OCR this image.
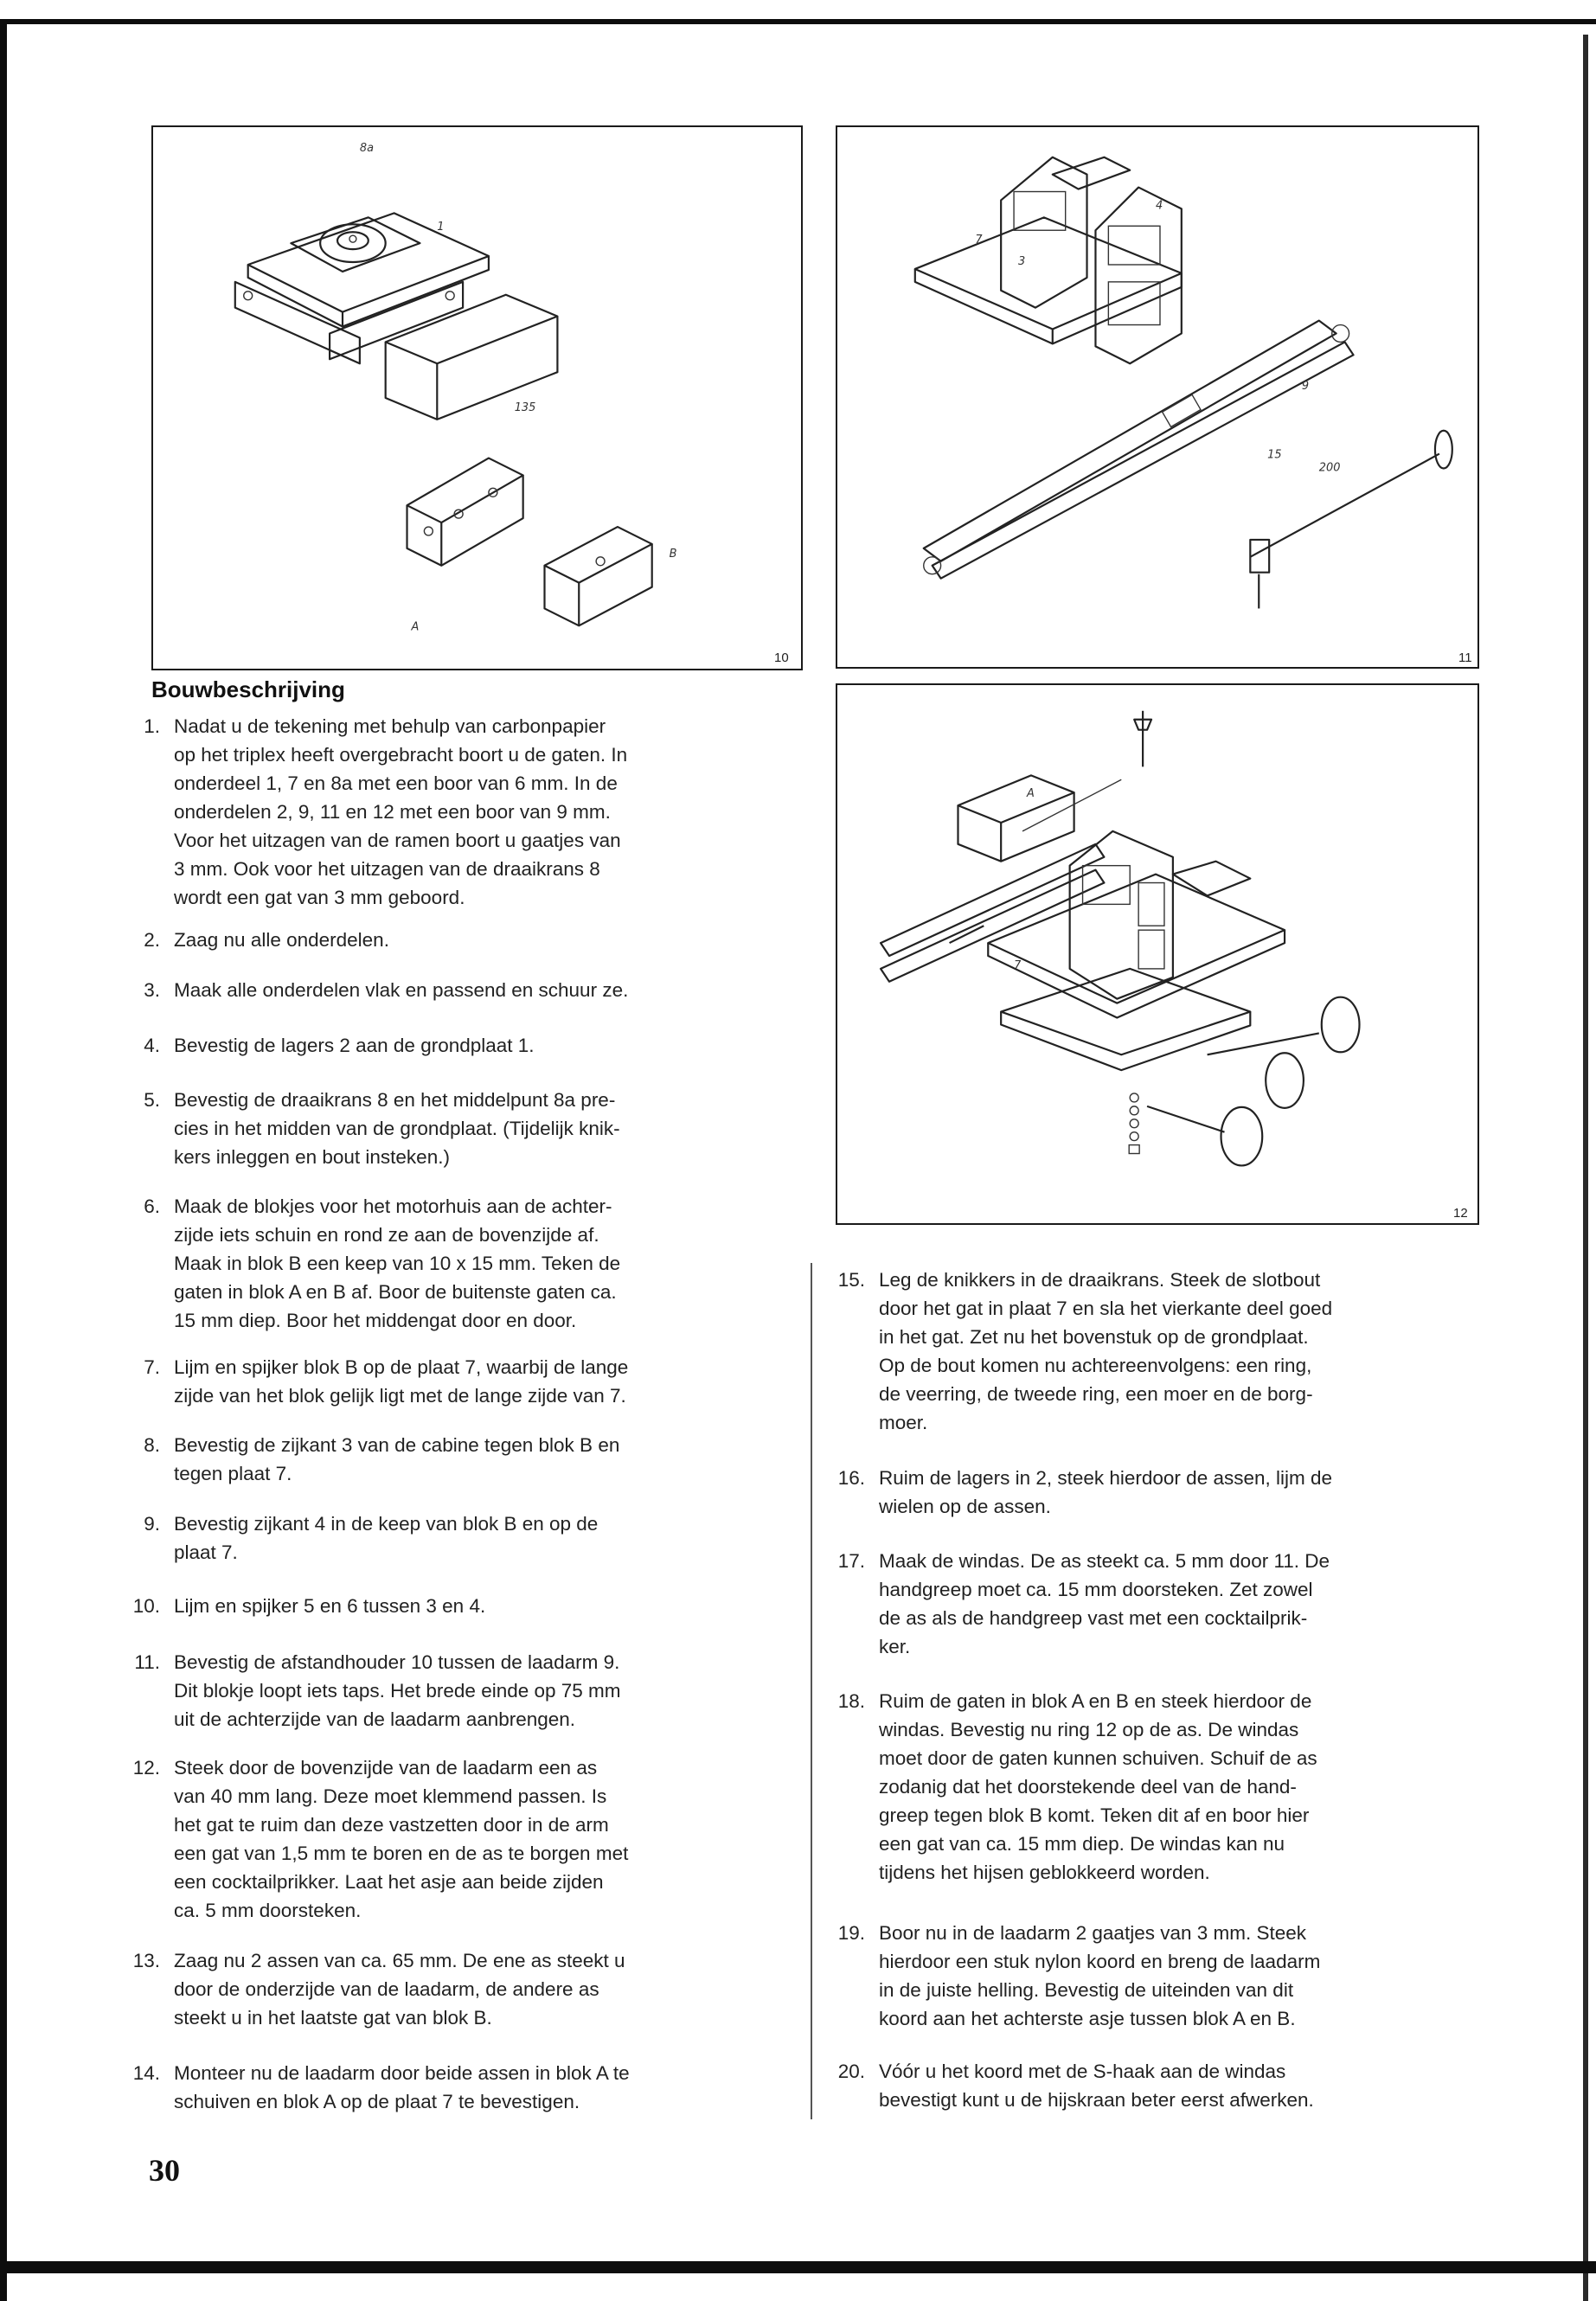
8a
1
135
A
B
10
3
4
7
9
15
200
11
A
7
12
Bouwbeschrijving
1. Nadat u de tekening met behulp van carbonpapier
op het triplex heeft overgebracht boort u de gaten. In
onderdeel 1, 7 en 8a met een boor van 6 mm. In de
onderdelen 2, 9, 11 en 12 met een boor van 9 mm.
Voor het uitzagen van de ramen boort u gaatjes van
3 mm. Ook voor het uitzagen van de draaikrans 8
wordt een gat van 3 mm geboord.
2. Zaag nu alle onderdelen.
3. Maak alle onderdelen vlak en passend en schuur ze.
4. Bevestig de lagers 2 aan de grondplaat 1.
5. Bevestig de draaikrans 8 en het middelpunt 8a pre-
cies in het midden van de grondplaat. (Tijdelijk knik-
kers inleggen en bout insteken.)
6. Maak de blokjes voor het motorhuis aan de achter-
zijde iets schuin en rond ze aan de bovenzijde af.
Maak in blok B een keep van 10 x 15 mm. Teken de
gaten in blok A en B af. Boor de buitenste gaten ca.
15 mm diep. Boor het middengat door en door.
7. Lijm en spijker blok B op de plaat 7, waarbij de lange
zijde van het blok gelijk ligt met de lange zijde van 7.
8. Bevestig de zijkant 3 van de cabine tegen blok B en
tegen plaat 7.
9. Bevestig zijkant 4 in de keep van blok B en op de
plaat 7.
10. Lijm en spijker 5 en 6 tussen 3 en 4.
11. Bevestig de afstandhouder 10 tussen de laadarm 9.
Dit blokje loopt iets taps. Het brede einde op 75 mm
uit de achterzijde van de laadarm aanbrengen.
12. Steek door de bovenzijde van de laadarm een as
van 40 mm lang. Deze moet klemmend passen. Is
het gat te ruim dan deze vastzetten door in de arm
een gat van 1,5 mm te boren en de as te borgen met
een cocktailprikker. Laat het asje aan beide zijden
ca. 5 mm doorsteken.
13. Zaag nu 2 assen van ca. 65 mm. De ene as steekt u
door de onderzijde van de laadarm, de andere as
steekt u in het laatste gat van blok B.
14. Monteer nu de laadarm door beide assen in blok A te
schuiven en blok A op de plaat 7 te bevestigen.
15. Leg de knikkers in de draaikrans. Steek de slotbout
door het gat in plaat 7 en sla het vierkante deel goed
in het gat. Zet nu het bovenstuk op de grondplaat.
Op de bout komen nu achtereenvolgens: een ring,
de veerring, de tweede ring, een moer en de borg-
moer.
16. Ruim de lagers in 2, steek hierdoor de assen, lijm de
wielen op de assen.
17. Maak de windas. De as steekt ca. 5 mm door 11. De
handgreep moet ca. 15 mm doorsteken. Zet zowel
de as als de handgreep vast met een cocktailprik-
ker.
18. Ruim de gaten in blok A en B en steek hierdoor de
windas. Bevestig nu ring 12 op de as. De windas
moet door de gaten kunnen schuiven. Schuif de as
zodanig dat het doorstekende deel van de hand-
greep tegen blok B komt. Teken dit af en boor hier
een gat van ca. 15 mm diep. De windas kan nu
tijdens het hijsen geblokkeerd worden.
19. Boor nu in de laadarm 2 gaatjes van 3 mm. Steek
hierdoor een stuk nylon koord en breng de laadarm
in de juiste helling. Bevestig de uiteinden van dit
koord aan het achterste asje tussen blok A en B.
20. Vóór u het koord met de S-haak aan de windas
bevestigt kunt u de hijskraan beter eerst afwerken.
30
